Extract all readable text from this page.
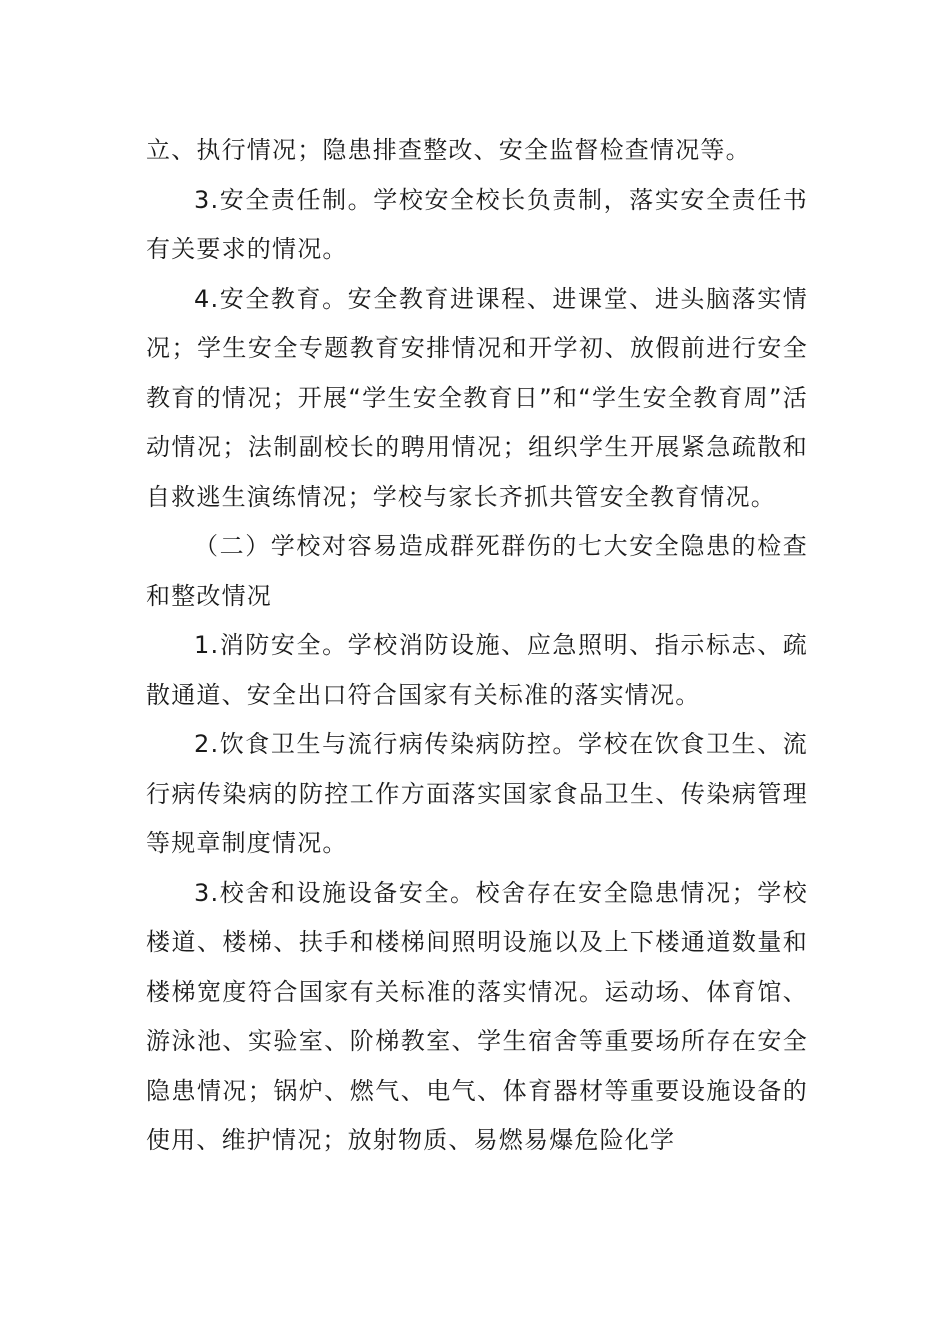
立、执行情况；隐患排查整改、安全监督检查情况等。

3.安全责任制。学校安全校长负责制，落实安全责任书有关要求的情况。

4.安全教育。安全教育进课程、进课堂、进头脑落实情况；学生安全专题教育安排情况和开学初、放假前进行安全教育的情况；开展“学生安全教育日”和“学生安全教育周”活动情况；法制副校长的聘用情况；组织学生开展紧急疏散和自救逃生演练情况；学校与家长齐抓共管安全教育情况。

（二）学校对容易造成群死群伤的七大安全隐患的检查和整改情况

1.消防安全。学校消防设施、应急照明、指示标志、疏散通道、安全出口符合国家有关标准的落实情况。

2.饮食卫生与流行病传染病防控。学校在饮食卫生、流行病传染病的防控工作方面落实国家食品卫生、传染病管理等规章制度情况。

3.校舍和设施设备安全。校舍存在安全隐患情况；学校楼道、楼梯、扶手和楼梯间照明设施以及上下楼通道数量和楼梯宽度符合国家有关标准的落实情况。运动场、体育馆、游泳池、实验室、阶梯教室、学生宿舍等重要场所存在安全隐患情况；锅炉、燃气、电气、体育器材等重要设施设备的使用、维护情况；放射物质、易燃易爆危险化学
